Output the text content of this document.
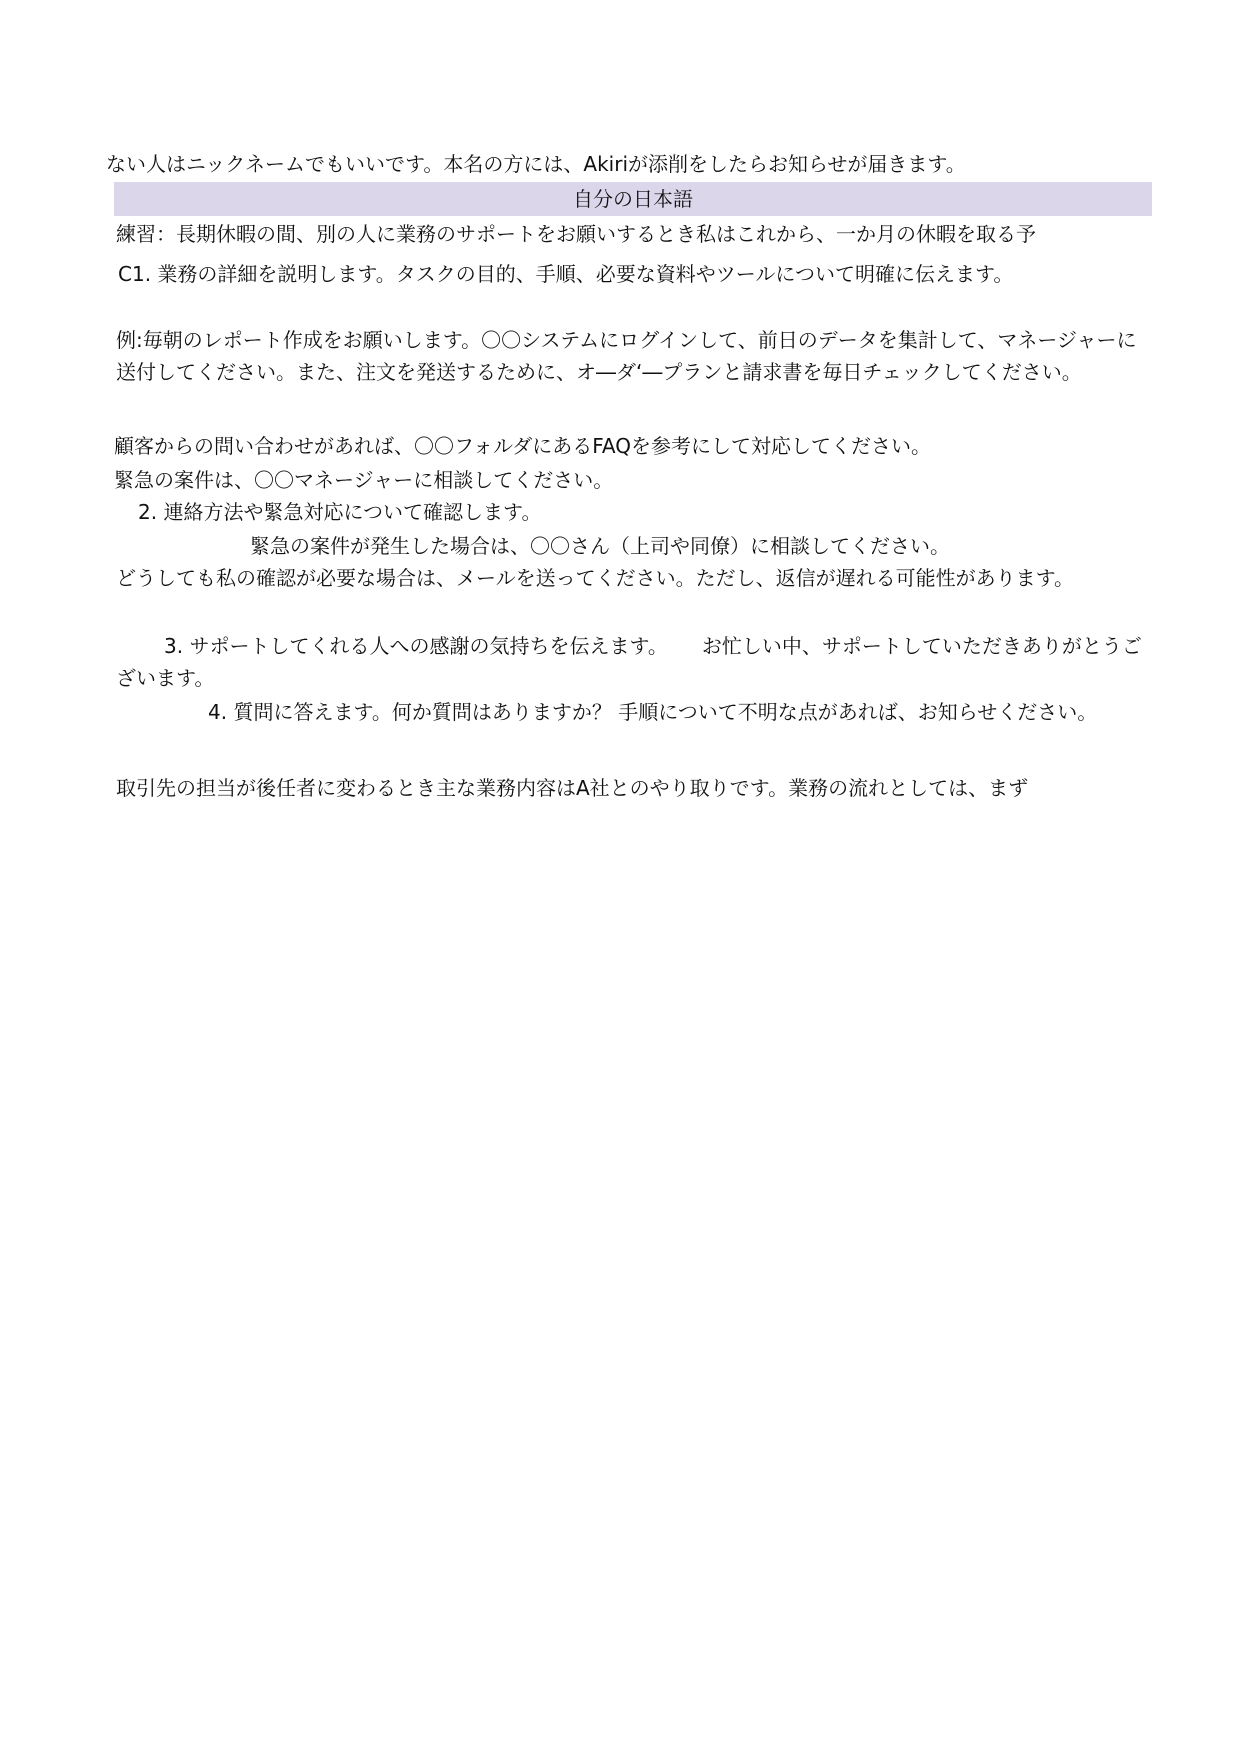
ない人はニックネームでもいいです。本名の方には、Akiriが添削をしたらお知らせが届きます。
自分の日本語
練習：長期休暇の間、別の人に業務のサポートをお願いするとき私はこれから、一か月の休暇を取る予
C1. 業務の詳細を説明します。タスクの目的、手順、必要な資料やツールについて明確に伝えます。
例:毎朝のレポート作成をお願いします。〇〇システムにログインして、前日のデータを集計して、マネージャーに送付してください。また、注文を発送するために、オ―ダ‘―プランと請求書を毎日チェックしてください。
顧客からの問い合わせがあれば、〇〇フォルダにあるFAQを参考にして対応してください。
緊急の案件は、〇〇マネージャーに相談してください。
2. 連絡方法や緊急対応について確認します。
緊急の案件が発生した場合は、〇〇さん（上司や同僚）に相談してください。
どうしても私の確認が必要な場合は、メールを送ってください。ただし、返信が遅れる可能性があります。
3. サポートしてくれる人への感謝の気持ちを伝えます。 お忙しい中、サポートしていただきありがとうございます。
4. 質問に答えます。何か質問はありますか？ 手順について不明な点があれば、お知らせください。
取引先の担当が後任者に変わるとき主な業務内容はA社とのやり取りです。業務の流れとしては、まず
